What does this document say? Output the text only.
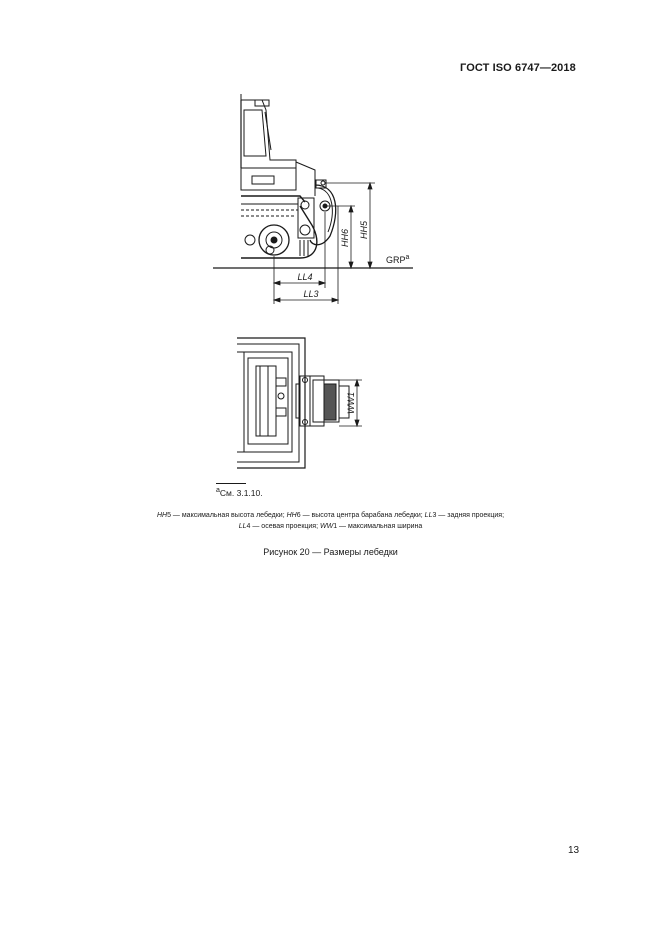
ГОСТ ISO 6747—2018
HH5
HH6
LL4
LL3
GRP$^a$
WW1
$^a$См. 3.1.10.
HH5 — максимальная высота лебедки; HH6 — высота центра барабана лебедки; LL3 — задняя проекция;
LL4 — осевая проекция; WW1 — максимальная ширина
Рисунок 20 — Размеры лебедки
13
